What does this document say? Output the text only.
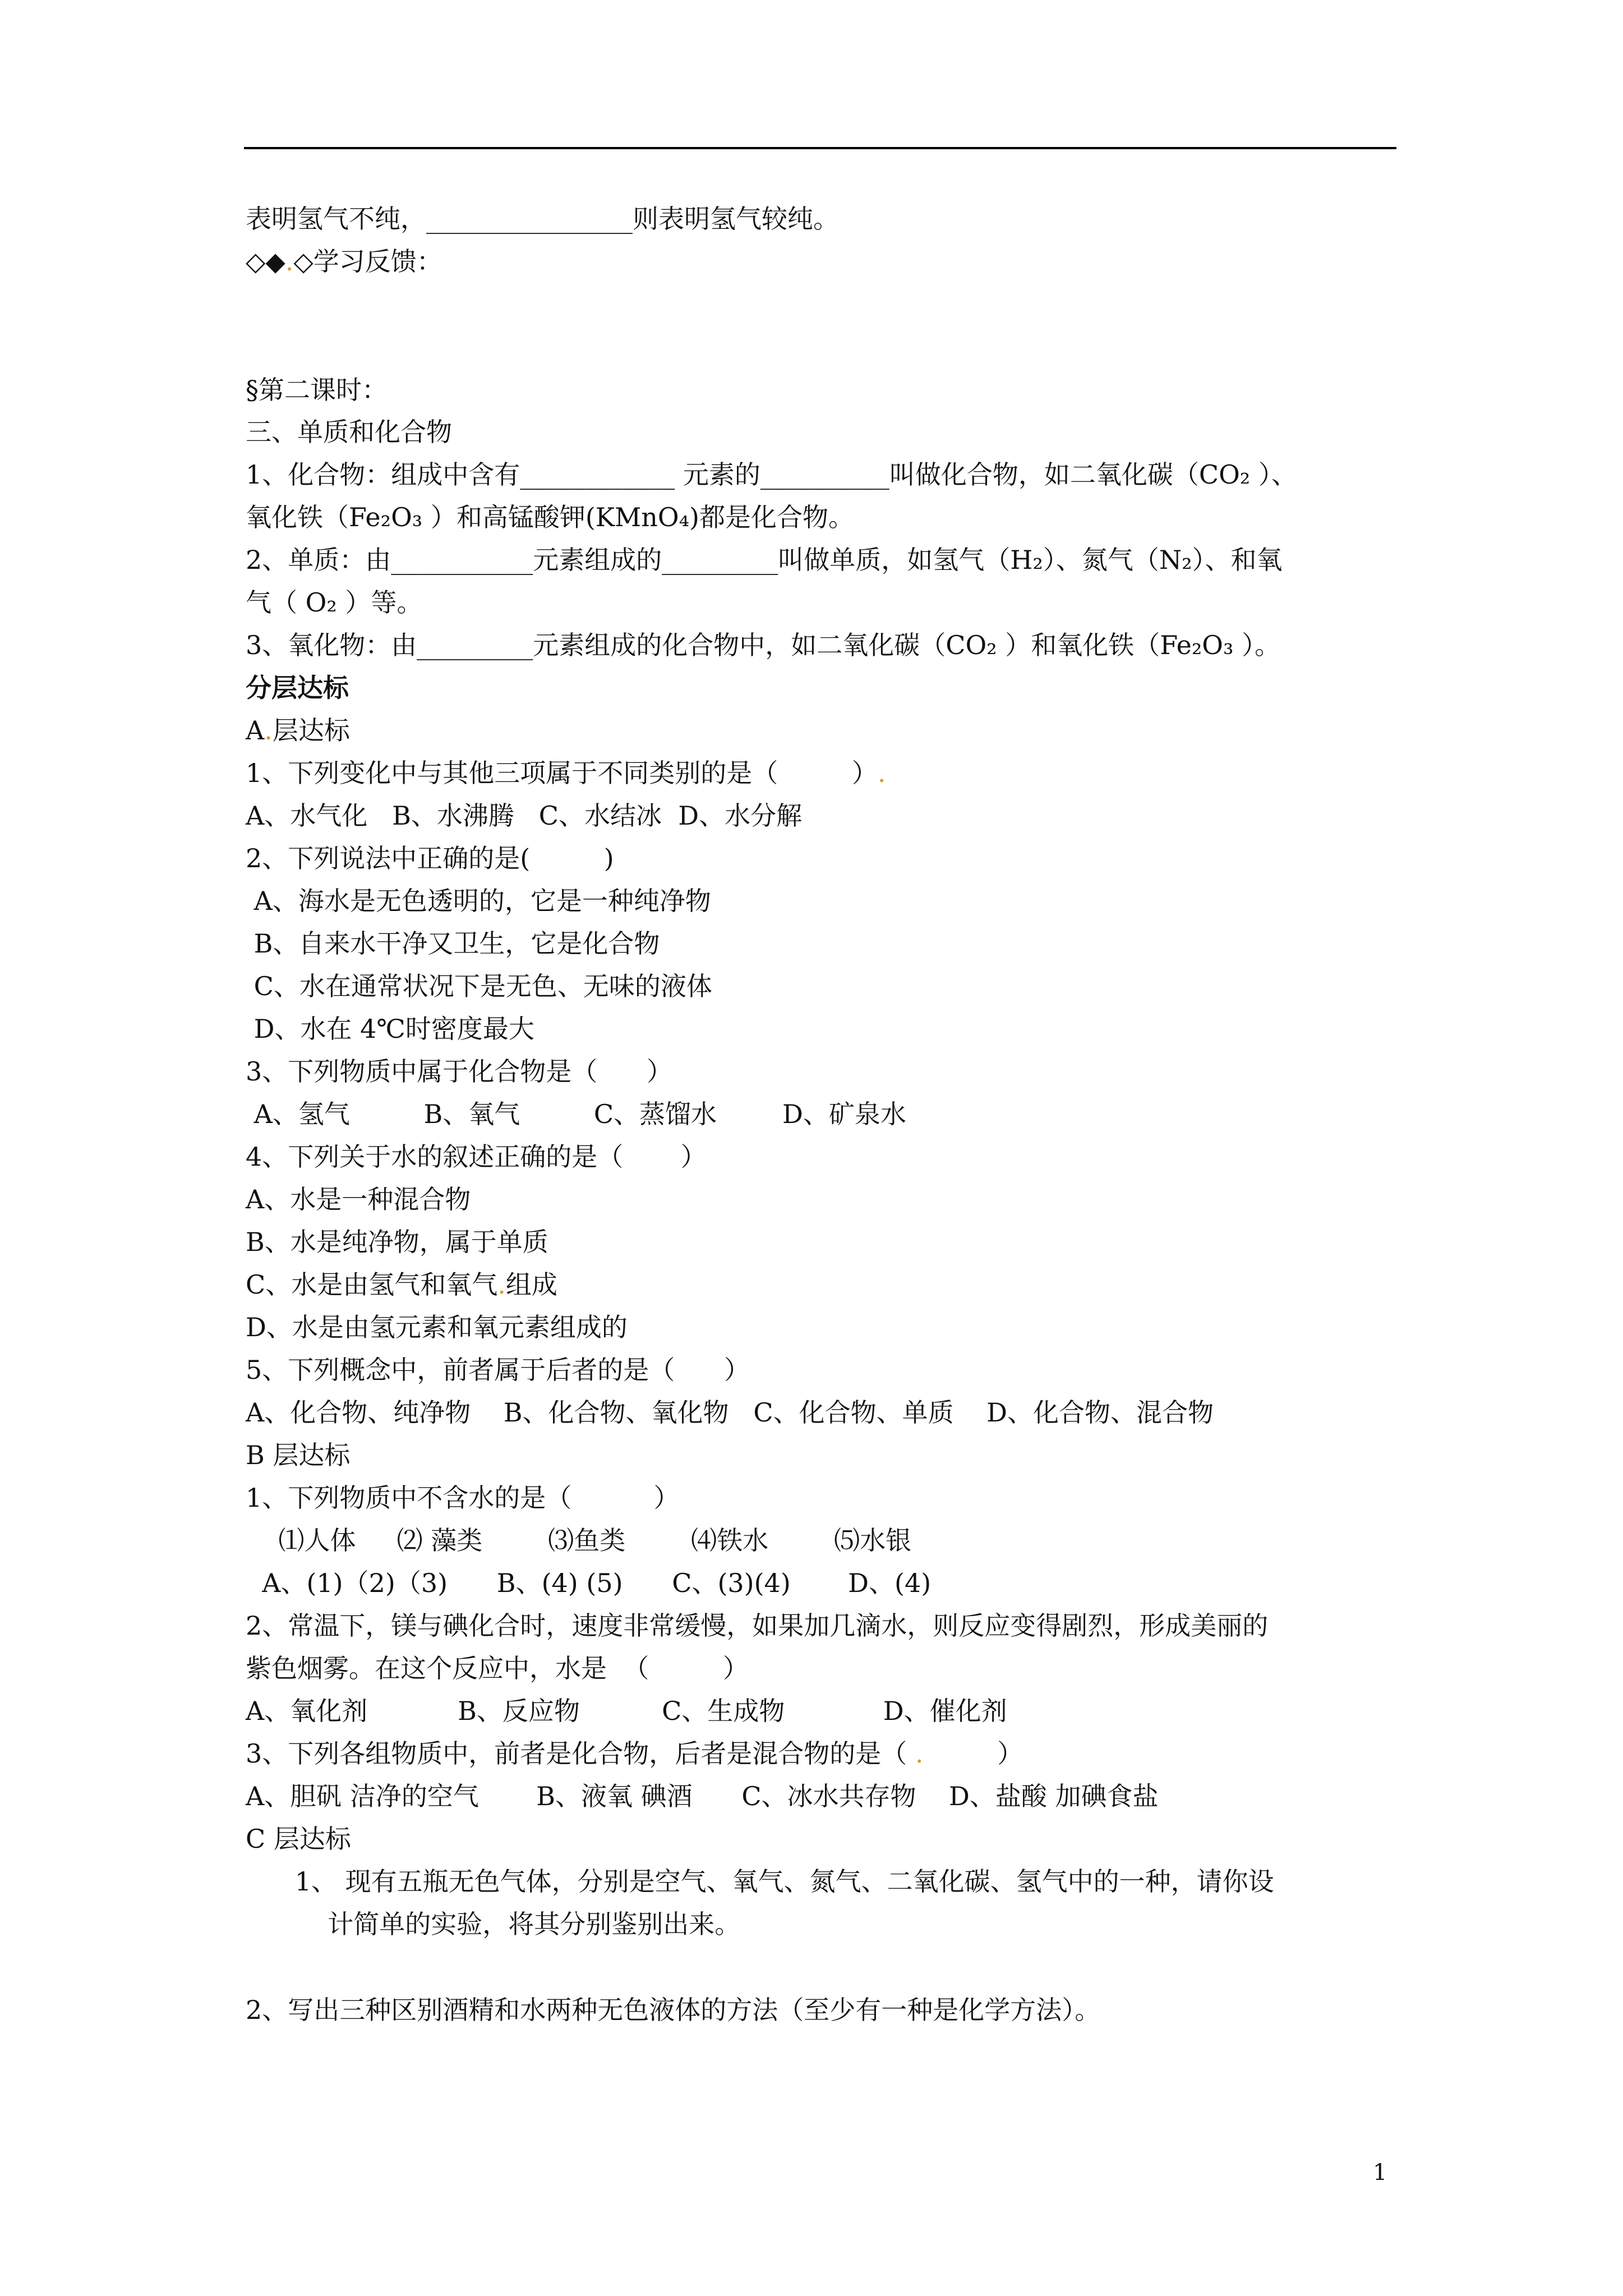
表明氢气不纯，________________则表明氢气较纯。
◇◆.◇学习反馈：
§第二课时：
三、单质和化合物
1、化合物：组成中含有____________ 元素的__________叫做化合物，如二氧化碳（CO₂ ）、
氧化铁（Fe₂O₃ ）和高锰酸钾(KMnO₄)都是化合物。
2、单质：由___________元素组成的_________叫做单质，如氢气（H₂）、氮气（N₂）、和氧
气（ O₂ ）等。
3、氧化物：由_________元素组成的化合物中，如二氧化碳（CO₂ ）和氧化铁（Fe₂O₃ ）。
分层达标
A.层达标
1、下列变化中与其他三项属于不同类别的是（         ）.
A、水气化   B、水沸腾   C、水结冰  D、水分解
2、下列说法中正确的是(         )
A、海水是无色透明的，它是一种纯净物
B、自来水干净又卫生，它是化合物
C、水在通常状况下是无色、无味的液体
D、水在 4℃时密度最大
3、下列物质中属于化合物是（      ）
A、氢气         B、氧气         C、蒸馏水        D、矿泉水
4、下列关于水的叙述正确的是（       ）
A、水是一种混合物
B、水是纯净物，属于单质
C、水是由氢气和氧气.组成
D、水是由氢元素和氧元素组成的
5、下列概念中，前者属于后者的是（      ）
A、化合物、纯净物    B、化合物、氧化物   C、化合物、单质    D、化合物、混合物
B 层达标
1、下列物质中不含水的是（          ）
⑴人体     ⑵ 藻类        ⑶鱼类        ⑷铁水        ⑸水银
A、(1)（2)（3)      B、(4) (5)      C、(3)(4)       D、(4)
2、常温下，镁与碘化合时，速度非常缓慢，如果加几滴水，则反应变得剧烈，形成美丽的
紫色烟雾。在这个反应中，水是  （         ）
A、氧化剂           B、反应物          C、生成物            D、催化剂
3、下列各组物质中，前者是化合物，后者是混合物的是（ .         ）
A、胆矾 洁净的空气       B、液氧 碘酒      C、冰水共存物    D、盐酸 加碘食盐
C 层达标
1、 现有五瓶无色气体，分别是空气、氧气、氮气、二氧化碳、氢气中的一种，请你设
计简单的实验，将其分别鉴别出来。
2、写出三种区别酒精和水两种无色液体的方法（至少有一种是化学方法）。
1
